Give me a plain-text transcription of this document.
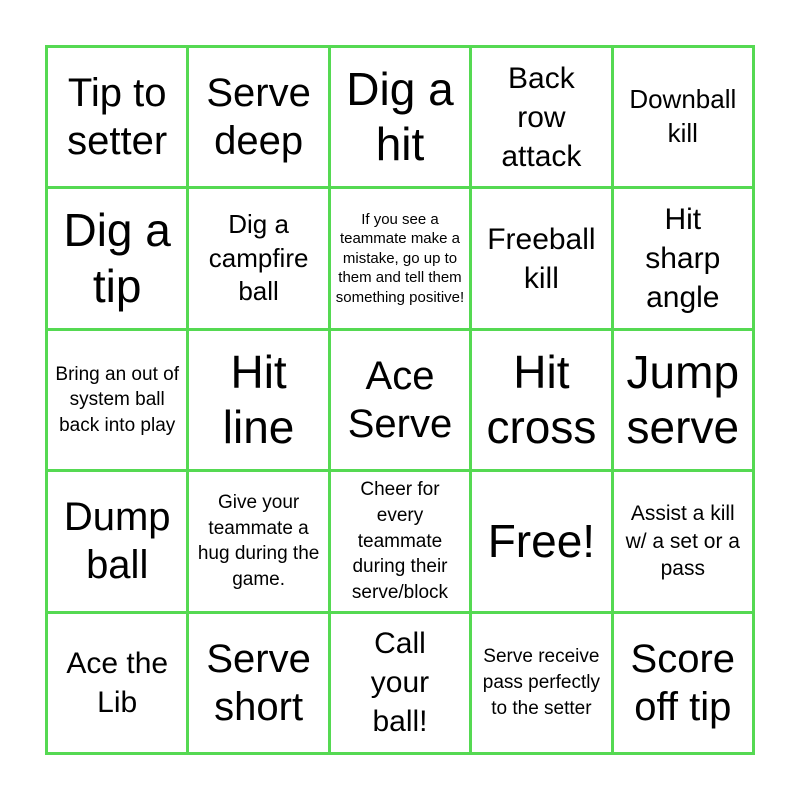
Tip to setter
Serve deep
Dig a hit
Back row attack
Downball kill
Dig a tip
Dig a campfire ball
If you see a teammate make a mistake, go up to them and tell them something positive!
Freeball kill
Hit sharp angle
Bring an out of system ball back into play
Hit line
Ace Serve
Hit cross
Jump serve
Dump ball
Give your teammate a hug during the game.
Cheer for every teammate during their serve/block
Free!
Assist a kill w/ a set or a pass
Ace the Lib
Serve short
Call your ball!
Serve receive pass perfectly to the setter
Score off tip
